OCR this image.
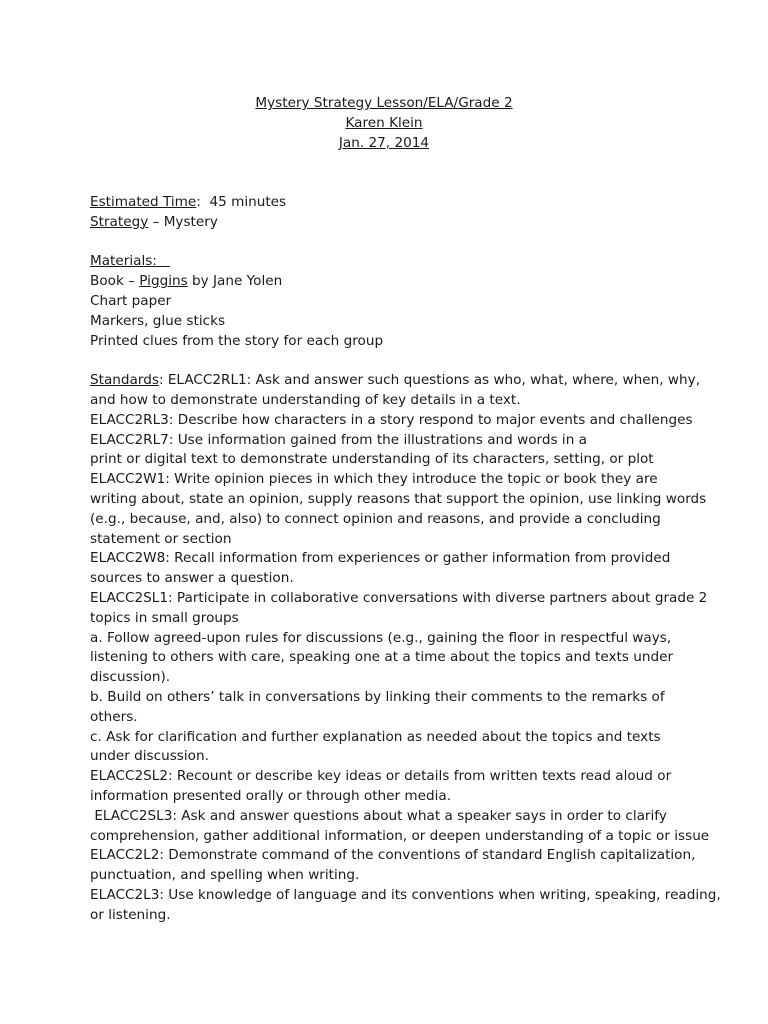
Mystery Strategy Lesson/ELA/Grade 2
Karen Klein
Jan. 27, 2014
Estimated Time:  45 minutes
Strategy – Mystery
Materials:
Book – Piggins by Jane Yolen
Chart paper
Markers, glue sticks
Printed clues from the story for each group
Standards: ELACC2RL1: Ask and answer such questions as who, what, where, when, why,
and how to demonstrate understanding of key details in a text.
ELACC2RL3: Describe how characters in a story respond to major events and challenges
ELACC2RL7: Use information gained from the illustrations and words in a
print or digital text to demonstrate understanding of its characters, setting, or plot
ELACC2W1: Write opinion pieces in which they introduce the topic or book they are
writing about, state an opinion, supply reasons that support the opinion, use linking words
(e.g., because, and, also) to connect opinion and reasons, and provide a concluding
statement or section
ELACC2W8: Recall information from experiences or gather information from provided
sources to answer a question.
ELACC2SL1: Participate in collaborative conversations with diverse partners about grade 2
topics in small groups
a. Follow agreed-upon rules for discussions (e.g., gaining the floor in respectful ways,
listening to others with care, speaking one at a time about the topics and texts under
discussion).
b. Build on others’ talk in conversations by linking their comments to the remarks of
others.
c. Ask for clarification and further explanation as needed about the topics and texts
under discussion.
ELACC2SL2: Recount or describe key ideas or details from written texts read aloud or
information presented orally or through other media.
ELACC2SL3: Ask and answer questions about what a speaker says in order to clarify
comprehension, gather additional information, or deepen understanding of a topic or issue
ELACC2L2: Demonstrate command of the conventions of standard English capitalization,
punctuation, and spelling when writing.
ELACC2L3: Use knowledge of language and its conventions when writing, speaking, reading,
or listening.
